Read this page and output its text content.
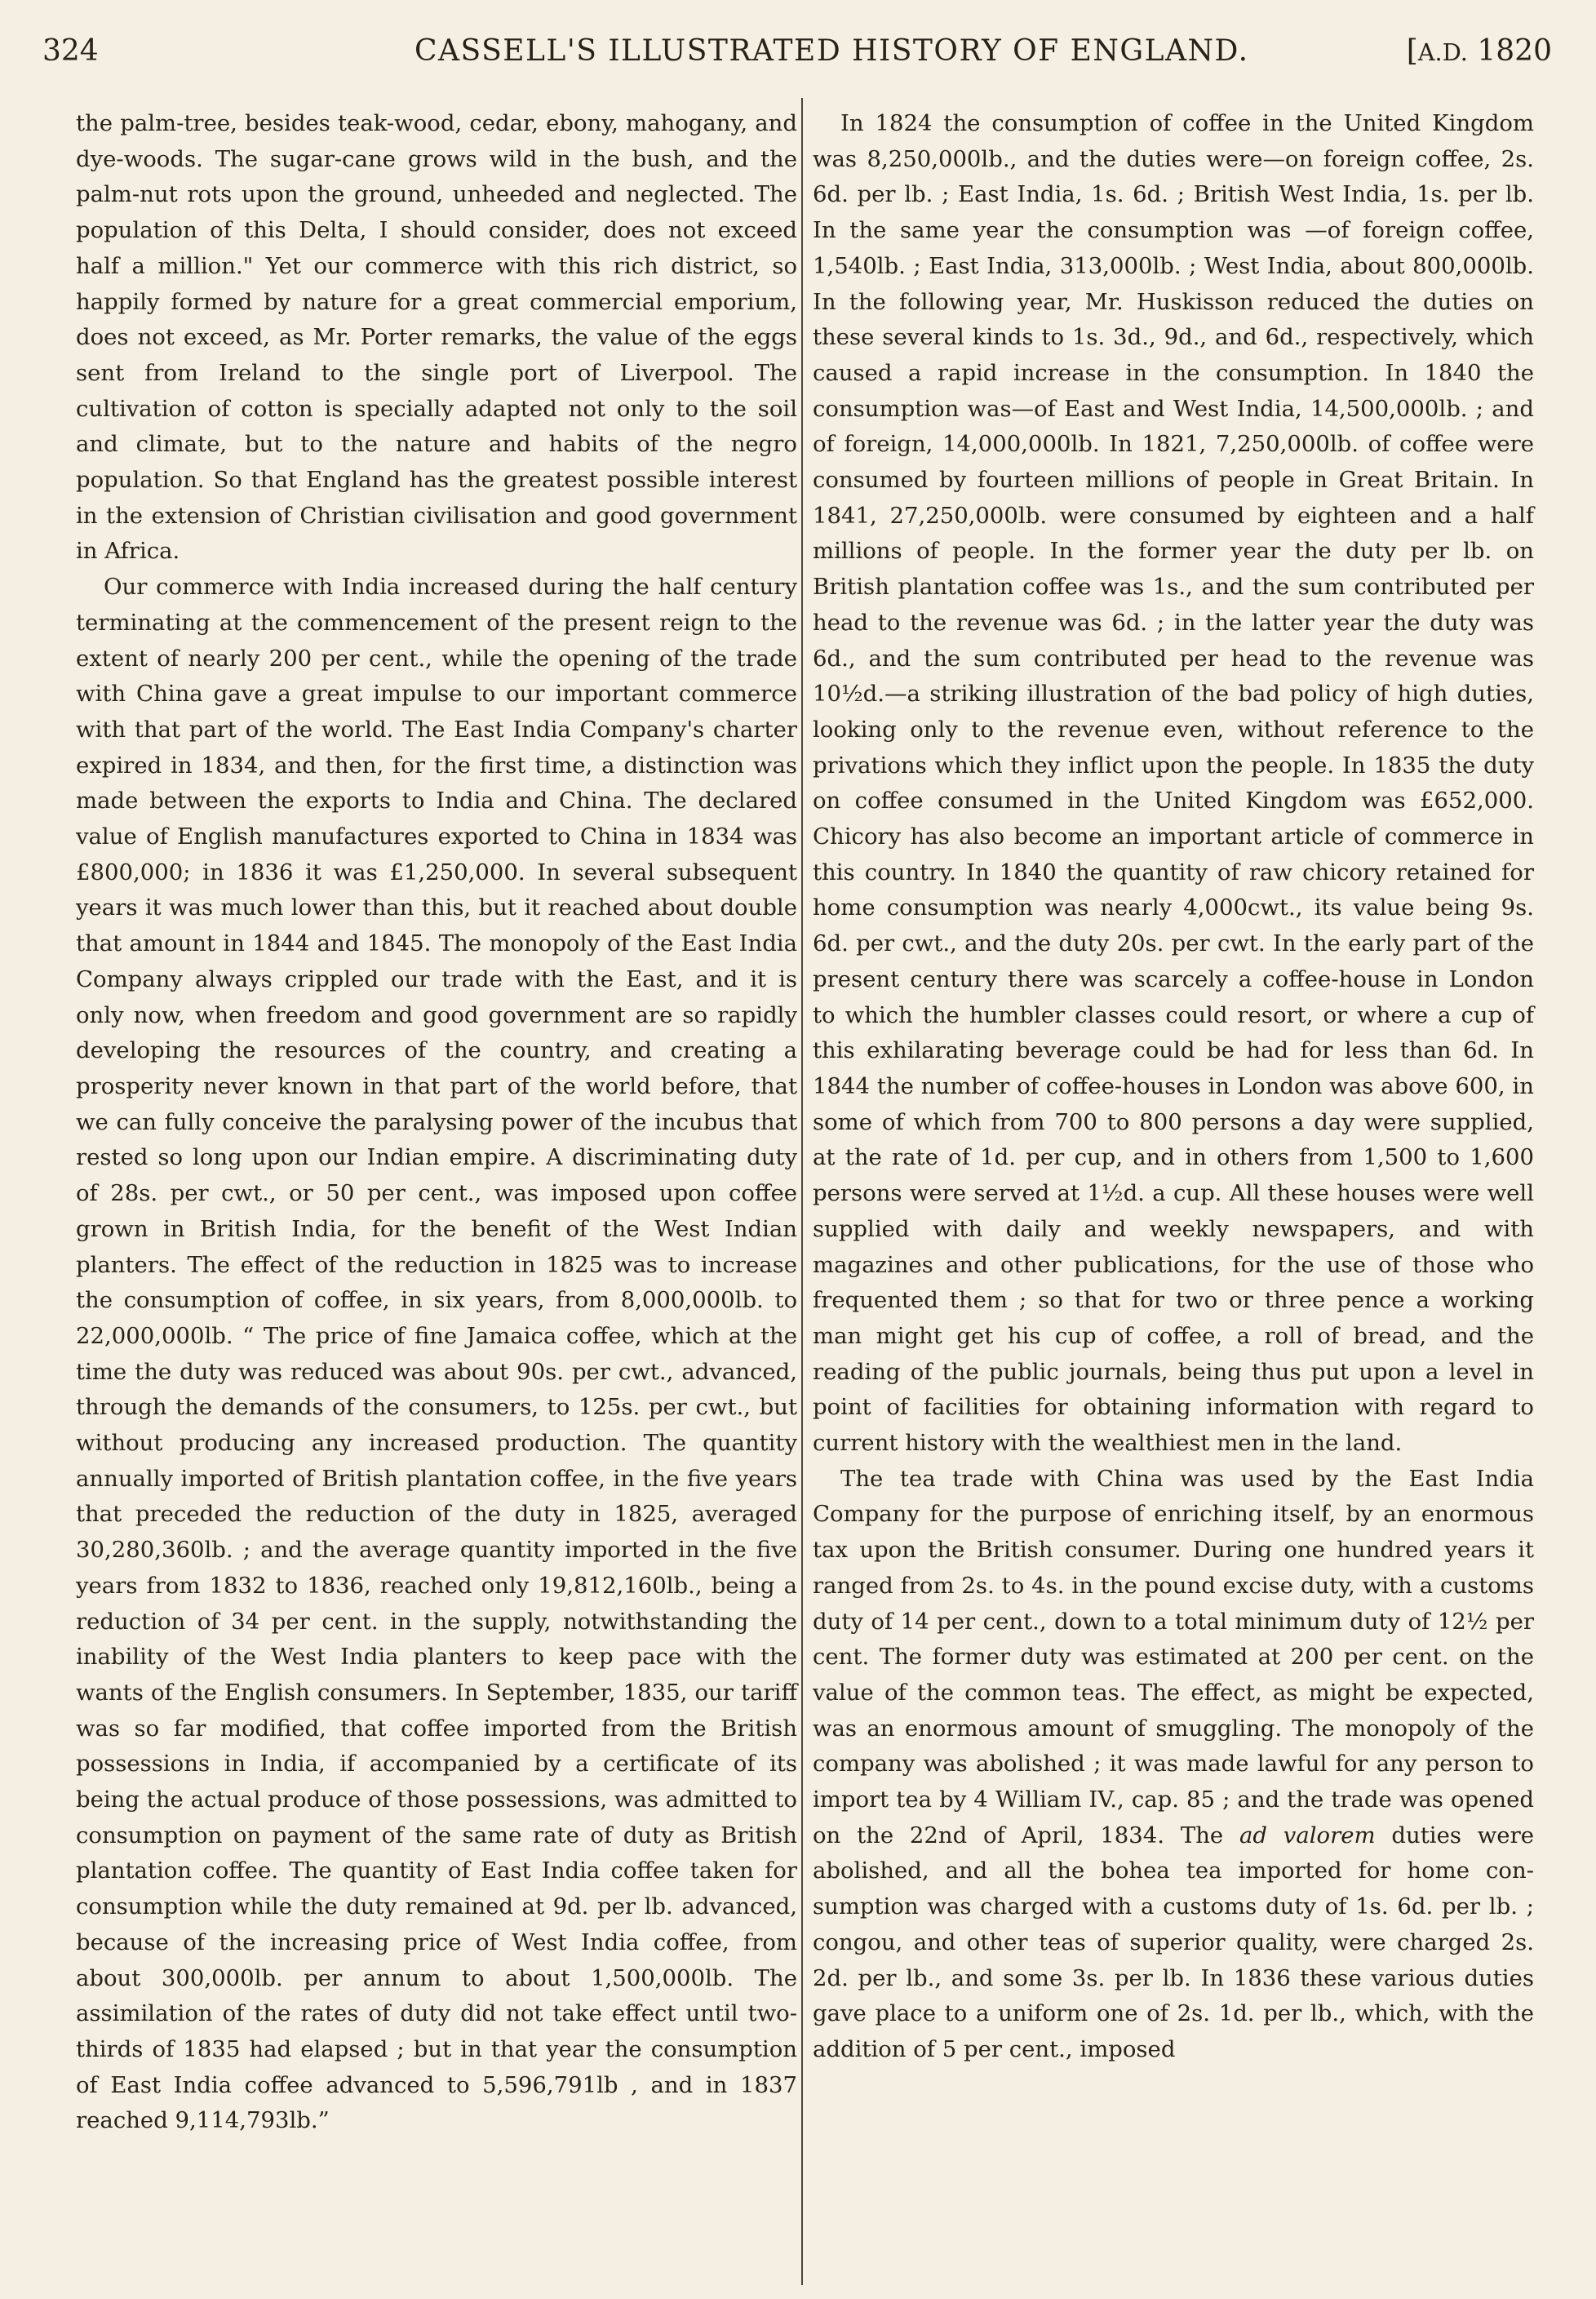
324	CASSELL'S ILLUSTRATED HISTORY OF ENGLAND.	[A.D. 1820

the palm-tree, besides teak-wood, cedar, ebony, mahogany, and dye-woods. The sugar-cane grows wild in the bush, and the palm-nut rots upon the ground, unheeded and neglected. The population of this Delta, I should consider, does not exceed half a million." Yet our commerce with this rich district, so happily formed by nature for a great commercial emporium, does not exceed, as Mr. Porter remarks, the value of the eggs sent from Ireland to the single port of Liverpool. The cultivation of cotton is specially adapted not only to the soil and climate, but to the nature and habits of the negro population. So that England has the greatest possible interest in the extension of Christian civilisation and good government in Africa.

Our commerce with India increased during the half century terminating at the commencement of the present reign to the extent of nearly 200 per cent., while the opening of the trade with China gave a great impulse to our important commerce with that part of the world. The East India Company's charter expired in 1834, and then, for the first time, a distinction was made between the exports to India and China. The declared value of English manufactures exported to China in 1834 was £800,000; in 1836 it was £1,250,000. In several subsequent years it was much lower than this, but it reached about double that amount in 1844 and 1845. The monopoly of the East India Company always crippled our trade with the East, and it is only now, when freedom and good government are so rapidly developing the resources of the country, and creating a prosperity never known in that part of the world before, that we can fully conceive the paralysing power of the incubus that rested so long upon our Indian empire. A discriminating duty of 28s. per cwt., or 50 per cent., was imposed upon coffee grown in British India, for the benefit of the West Indian planters. The effect of the reduction in 1825 was to increase the consumption of coffee, in six years, from 8,000,000lb. to 22,000,000lb. “ The price of fine Jamaica coffee, which at the time the duty was reduced was about 90s. per cwt., advanced, through the demands of the consumers, to 125s. per cwt., but without producing any increased production. The quantity annually imported of British plantation coffee, in the five years that preceded the reduction of the duty in 1825, averaged 30,280,360lb. ; and the average quantity imported in the five years from 1832 to 1836, reached only 19,812,160lb., being a reduction of 34 per cent. in the supply, notwithstanding the inability of the West India planters to keep pace with the wants of the English consumers. In September, 1835, our tariff was so far modified, that coffee imported from the British possessions in India, if accompanied by a certificate of its being the actual produce of those possessions, was admitted to consumption on payment of the same rate of duty as British plantation coffee. The quantity of East India coffee taken for consumption while the duty remained at 9d. per lb. advanced, because of the increasing price of West India coffee, from about 300,000lb. per annum to about 1,500,000lb. The assimilation of the rates of duty did not take effect until two-thirds of 1835 had elapsed ; but in that year the consumption of East India coffee advanced to 5,596,791lb , and in 1837 reached 9,114,793lb.”

In 1824 the consumption of coffee in the United Kingdom was 8,250,000lb., and the duties were—on foreign coffee, 2s. 6d. per lb. ; East India, 1s. 6d. ; British West India, 1s. per lb. In the same year the consumption was —of foreign coffee, 1,540lb. ; East India, 313,000lb. ; West India, about 800,000lb. In the following year, Mr. Huskisson reduced the duties on these several kinds to 1s. 3d., 9d., and 6d., respectively, which caused a rapid increase in the consumption. In 1840 the consumption was—of East and West India, 14,500,000lb. ; and of foreign, 14,000,000lb. In 1821, 7,250,000lb. of coffee were consumed by fourteen millions of people in Great Britain. In 1841, 27,250,000lb. were consumed by eighteen and a half millions of people. In the former year the duty per lb. on British plantation coffee was 1s., and the sum contributed per head to the revenue was 6d. ; in the latter year the duty was 6d., and the sum contributed per head to the revenue was 10½d.—a striking illustration of the bad policy of high duties, looking only to the revenue even, without reference to the privations which they inflict upon the people. In 1835 the duty on coffee consumed in the United Kingdom was £652,000. Chicory has also become an important article of commerce in this country. In 1840 the quantity of raw chicory retained for home consumption was nearly 4,000cwt., its value being 9s. 6d. per cwt., and the duty 20s. per cwt. In the early part of the present century there was scarcely a coffee-house in London to which the humbler classes could resort, or where a cup of this exhilarating beverage could be had for less than 6d. In 1844 the number of coffee-houses in London was above 600, in some of which from 700 to 800 persons a day were supplied, at the rate of 1d. per cup, and in others from 1,500 to 1,600 persons were served at 1½d. a cup. All these houses were well supplied with daily and weekly newspapers, and with magazines and other publications, for the use of those who frequented them ; so that for two or three pence a working man might get his cup of coffee, a roll of bread, and the reading of the public journals, being thus put upon a level in point of facilities for obtaining information with regard to current history with the wealthiest men in the land.

The tea trade with China was used by the East India Company for the purpose of enriching itself, by an enormous tax upon the British consumer. During one hundred years it ranged from 2s. to 4s. in the pound excise duty, with a customs duty of 14 per cent., down to a total minimum duty of 12½ per cent. The former duty was estimated at 200 per cent. on the value of the common teas. The effect, as might be expected, was an enormous amount of smuggling. The monopoly of the company was abolished ; it was made lawful for any person to import tea by 4 William IV., cap. 85 ; and the trade was opened on the 22nd of April, 1834. The ad valorem duties were abolished, and all the bohea tea imported for home consumption was charged with a customs duty of 1s. 6d. per lb. ; congou, and other teas of superior quality, were charged 2s. 2d. per lb., and some 3s. per lb. In 1836 these various duties gave place to a uniform one of 2s. 1d. per lb., which, with the addition of 5 per cent., imposed
